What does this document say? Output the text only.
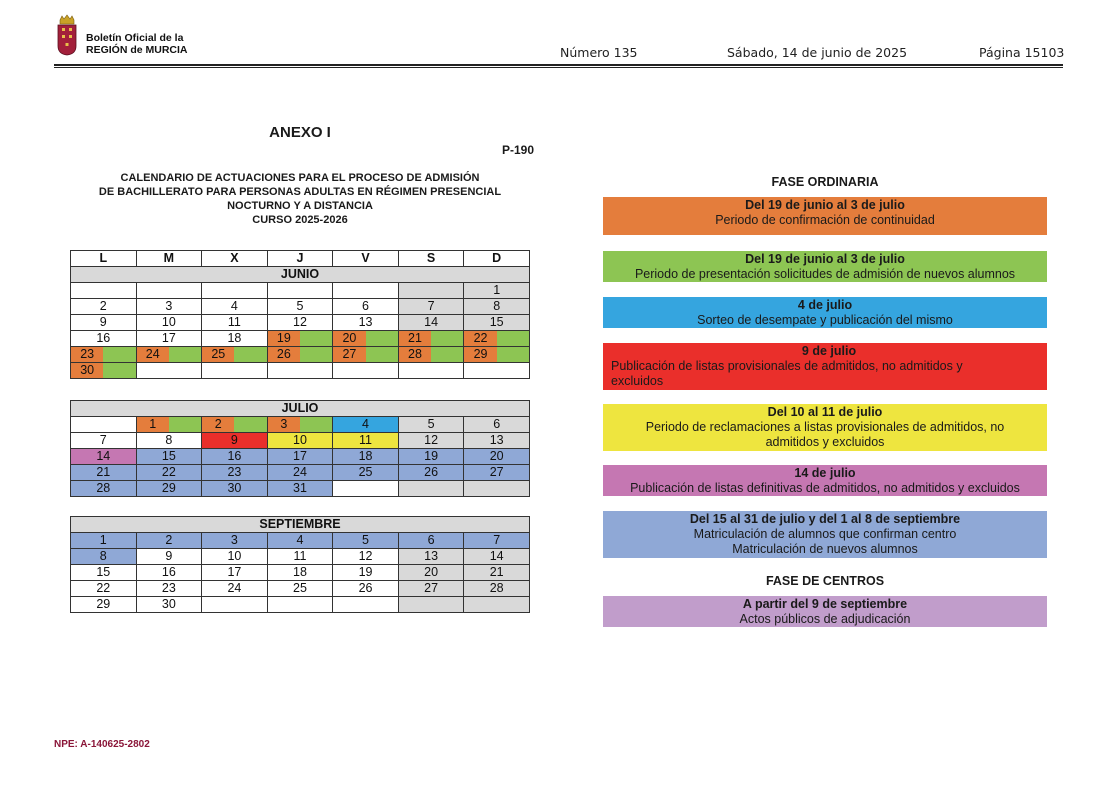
Boletín Oficial de la
REGIÓN de MURCIA	Número 135	Sábado, 14 de junio de 2025	Página 15103
ANEXO I
P-190
CALENDARIO DE ACTUACIONES PARA EL PROCESO DE ADMISIÓN
DE BACHILLERATO PARA PERSONAS ADULTAS EN RÉGIMEN PRESENCIAL
NOCTURNO Y A DISTANCIA
CURSO 2025-2026
L	M	X	J	V	S	D
JUNIO						
						1
2	3	4	5	6	7	8
9	10	11	12	13	14	15
16	17	18	19	20	21	22

23	24	25	26	27	28	29

30						

JULIO						

	1	2	3	4	5	6
7	8	9	10	11	12	13
14	15	16	17	18	19	20
21	22	23	24	25	26	27
28	29	30	31			
SEPTIEMBRE						
1	2	3	4	5	6	7
8	9	10	11	12	13	14
15	16	17	18	19	20	21
22	23	24	25	26	27	28
29	30					
FASE ORDINARIA
FASE DE CENTROS
Del 19 de junio al 3 de julio
Periodo de confirmación de continuidad
Del 19 de junio al 3 de julio
Periodo de presentación solicitudes de admisión de nuevos alumnos
4 de julio
Sorteo de desempate y publicación del mismo
9 de julio
Publicación de listas provisionales de admitidos, no admitidos y
excluidos
Del 10 al 11 de julio
Periodo de reclamaciones a listas provisionales de admitidos, no
admitidos y excluidos
14 de julio
Publicación de listas definitivas de admitidos, no admitidos y excluidos
Del 15 al 31 de julio y del 1 al 8 de septiembre
Matriculación de alumnos que confirman centro
Matriculación de nuevos alumnos
A partir del 9 de septiembre
Actos públicos de adjudicación
NPE: A-140625-2802
